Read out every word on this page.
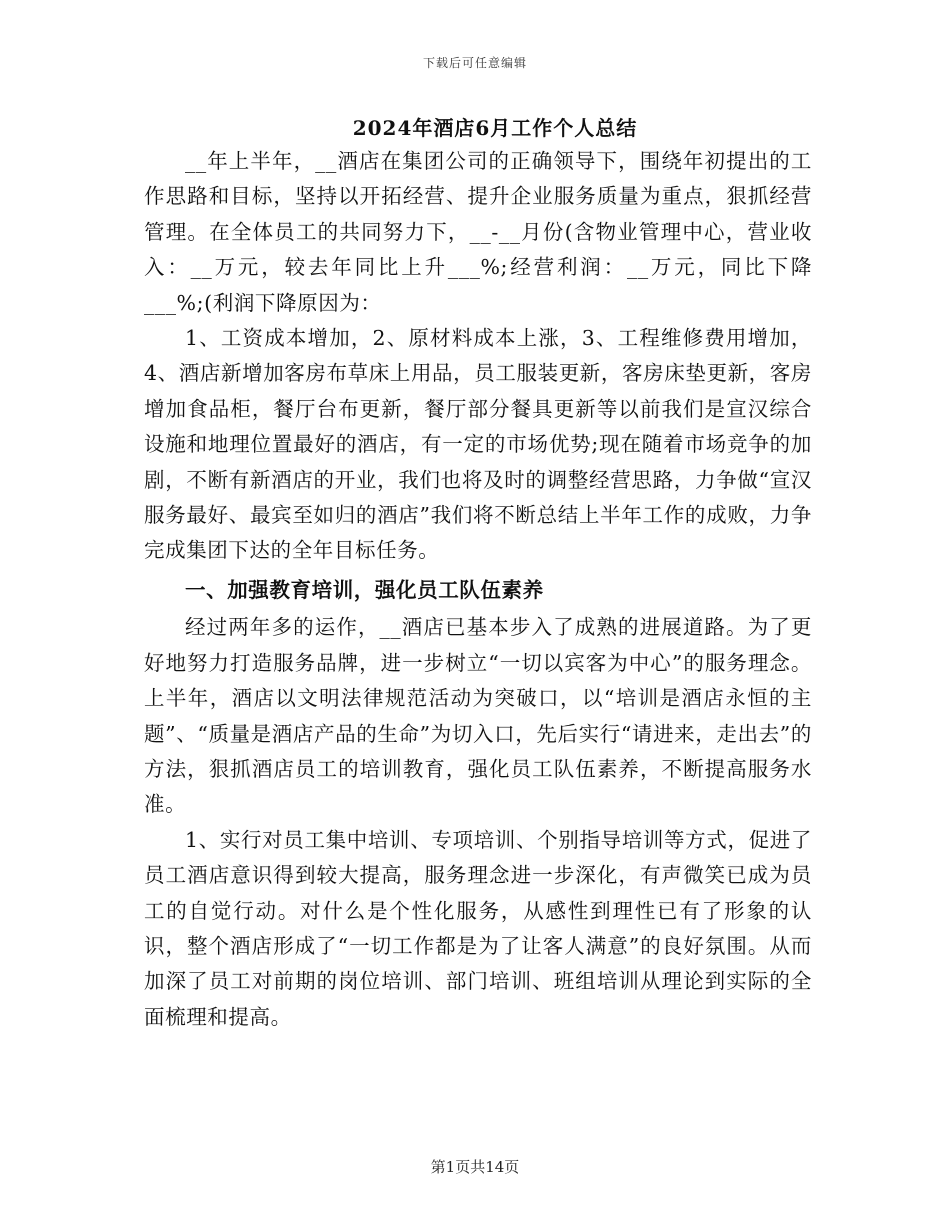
下载后可任意编辑
2024年酒店6月工作个人总结

__年上半年，__酒店在集团公司的正确领导下，围绕年初提出的工作思路和目标，坚持以开拓经营、提升企业服务质量为重点，狠抓经营管理。在全体员工的共同努力下，__-__月份(含物业管理中心，营业收入：__万元，较去年同比上升___%;经营利润：__万元，同比下降___%;(利润下降原因为：

1、工资成本增加，2、原材料成本上涨，3、工程维修费用增加，4、酒店新增加客房布草床上用品，员工服装更新，客房床垫更新，客房增加食品柜，餐厅台布更新，餐厅部分餐具更新等以前我们是宣汉综合设施和地理位置最好的酒店，有一定的市场优势;现在随着市场竞争的加剧，不断有新酒店的开业，我们也将及时的调整经营思路，力争做“宣汉服务最好、最宾至如归的酒店”我们将不断总结上半年工作的成败，力争完成集团下达的全年目标任务。

一、加强教育培训，强化员工队伍素养

经过两年多的运作，__酒店已基本步入了成熟的进展道路。为了更好地努力打造服务品牌，进一步树立“一切以宾客为中心”的服务理念。上半年，酒店以文明法律规范活动为突破口，以“培训是酒店永恒的主题”、“质量是酒店产品的生命”为切入口，先后实行“请进来，走出去”的方法，狠抓酒店员工的培训教育，强化员工队伍素养，不断提高服务水准。

1、实行对员工集中培训、专项培训、个别指导培训等方式，促进了员工酒店意识得到较大提高，服务理念进一步深化，有声微笑已成为员工的自觉行动。对什么是个性化服务，从感性到理性已有了形象的认识，整个酒店形成了“一切工作都是为了让客人满意”的良好氛围。从而加深了员工对前期的岗位培训、部门培训、班组培训从理论到实际的全面梳理和提高。

第1页共14页
